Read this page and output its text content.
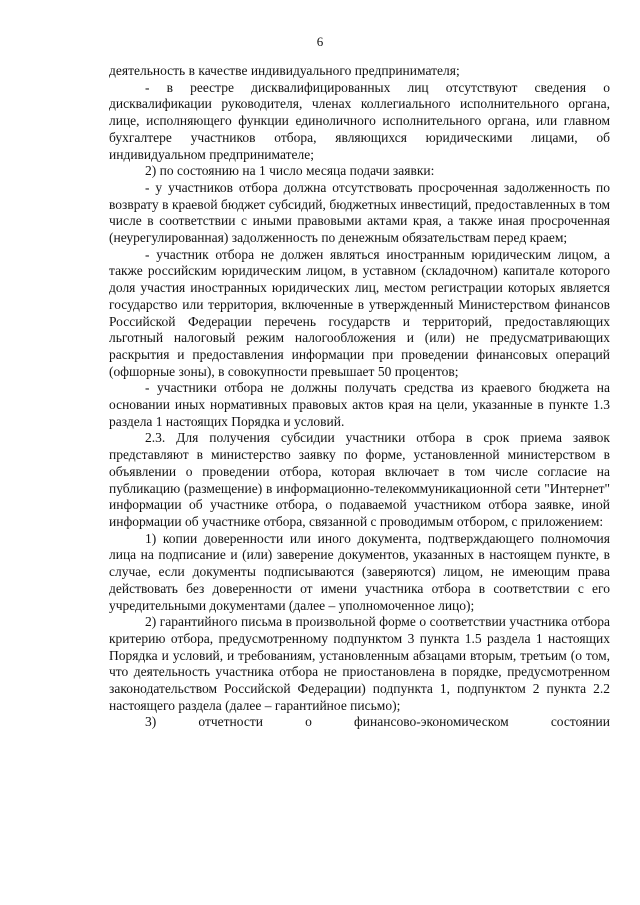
6

деятельность в качестве индивидуального предпринимателя;

- в реестре дисквалифицированных лиц отсутствуют сведения о дисквалификации руководителя, членах коллегиального исполнительного органа, лице, исполняющего функции единоличного исполнительного органа, или главном бухгалтере участников отбора, являющихся юридическими лицами, об индивидуальном предпринимателе;

2) по состоянию на 1 число месяца подачи заявки:

- у участников отбора должна отсутствовать просроченная задолженность по возврату в краевой бюджет субсидий, бюджетных инвестиций, предоставленных в том числе в соответствии с иными правовыми актами края, а также иная просроченная (неурегулированная) задолженность по денежным обязательствам перед краем;

- участник отбора не должен являться иностранным юридическим лицом, а также российским юридическим лицом, в уставном (складочном) капитале которого доля участия иностранных юридических лиц, местом регистрации которых является государство или территория, включенные в утвержденный Министерством финансов Российской Федерации перечень государств и территорий, предоставляющих льготный налоговый режим налогообложения и (или) не предусматривающих раскрытия и предоставления информации при проведении финансовых операций (офшорные зоны), в совокупности превышает 50 процентов;

- участники отбора не должны получать средства из краевого бюджета на основании иных нормативных правовых актов края на цели, указанные в пункте 1.3 раздела 1 настоящих Порядка и условий.

2.3. Для получения субсидии участники отбора в срок приема заявок представляют в министерство заявку по форме, установленной министерством в объявлении о проведении отбора, которая включает в том числе согласие на публикацию (размещение) в информационно-телекоммуникационной сети "Интернет" информации об участнике отбора, о подаваемой участником отбора заявке, иной информации об участнике отбора, связанной с проводимым отбором, с приложением:

1) копии доверенности или иного документа, подтверждающего полномочия лица на подписание и (или) заверение документов, указанных в настоящем пункте, в случае, если документы подписываются (заверяются) лицом, не имеющим права действовать без доверенности от имени участника отбора в соответствии с его учредительными документами (далее – уполномоченное лицо);

2) гарантийного письма в произвольной форме о соответствии участника отбора критерию отбора, предусмотренному подпунктом 3 пункта 1.5 раздела 1 настоящих Порядка и условий, и требованиям, установленным абзацами вторым, третьим (о том, что деятельность участника отбора не приостановлена в порядке, предусмотренном законодательством Российской Федерации) подпункта 1, подпунктом 2 пункта 2.2 настоящего раздела (далее – гарантийное письмо);

3) отчетности о финансово-экономическом состоянии
